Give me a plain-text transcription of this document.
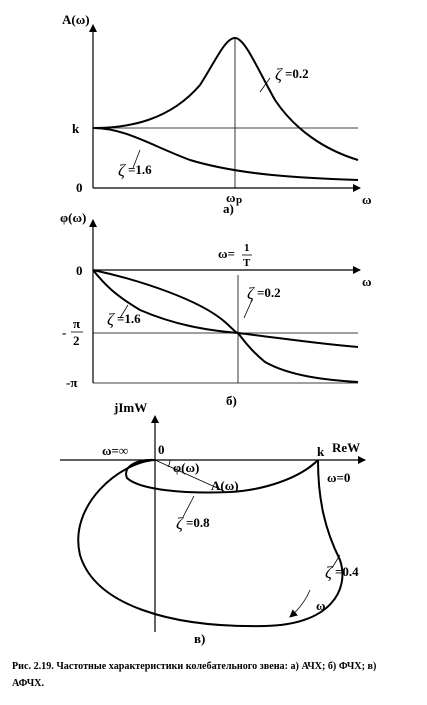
A(ω)
ω
k
0
ω р
а)
ζ =0.2
ζ =1.6
φ(ω)
ω
0
ω= 1
T
-
π
2
-π
б)
ζ =0.2
ζ =1.6
jImW
ReW
0	k
ω=∞
ω=0
φ(ω)
A(ω)
ζ =0.8
ζ =0.4
ω
в)
Рис. 2.19. Частотные характеристики колебательного звена: а) АЧХ; б) ФЧХ; в) АФЧХ.
